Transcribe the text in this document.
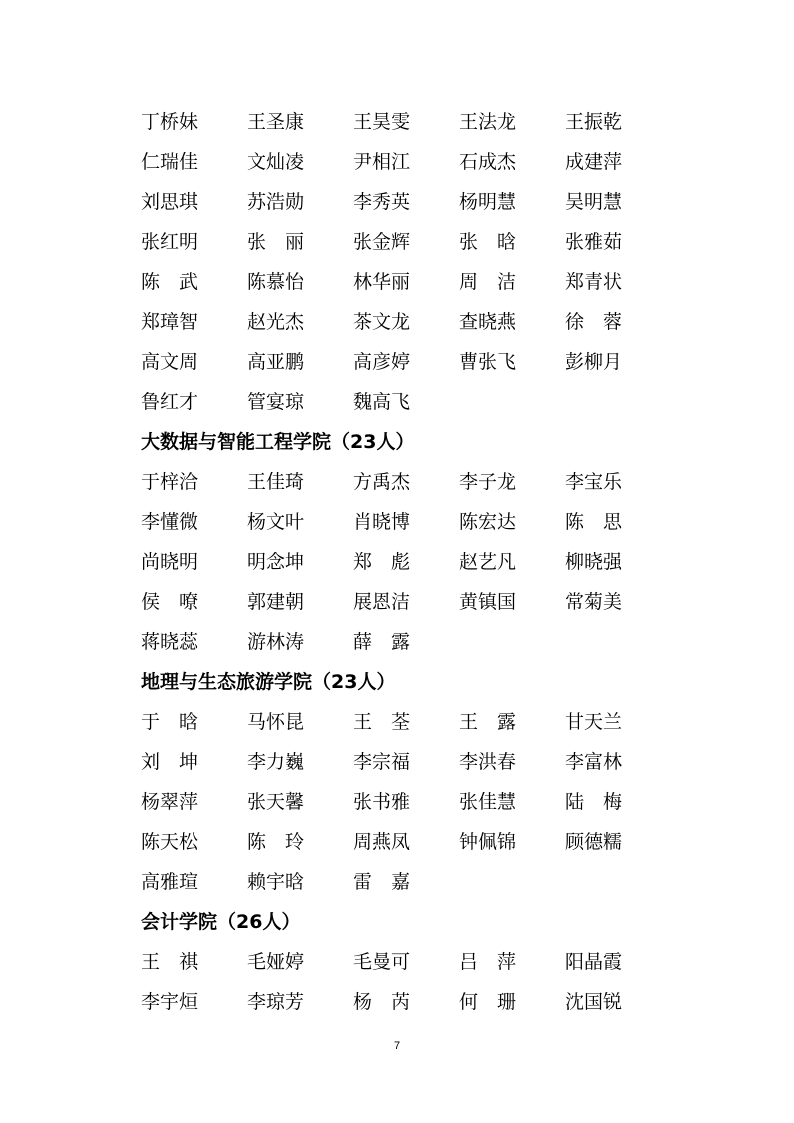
丁桥妹	王圣康	王昊雯	王法龙	王振乾
仁瑞佳	文灿凌	尹相江	石成杰	成建萍
刘思琪	苏浩勋	李秀英	杨明慧	吴明慧
张红明	张　丽	张金辉	张　晗	张雅茹
陈　武	陈慕怡	林华丽	周　洁	郑青状
郑璋智	赵光杰	茶文龙	查晓燕	徐　蓉
高文周	高亚鹏	高彦婷	曹张飞	彭柳月
鲁红才	管宴琼	魏高飞
大数据与智能工程学院（23人）
于梓洽	王佳琦	方禹杰	李子龙	李宝乐
李懂微	杨文叶	肖晓博	陈宏达	陈　思
尚晓明	明念坤	郑　彪	赵艺凡	柳晓强
侯　嘹	郭建朝	展恩洁	黄镇国	常菊美
蒋晓蕊	游林涛	薛　露
地理与生态旅游学院（23人）
于　晗	马怀昆	王　荃	王　露	甘天兰
刘　坤	李力巍	李宗福	李洪春	李富林
杨翠萍	张天馨	张书雅	张佳慧	陆　梅
陈天松	陈　玲	周燕凤	钟佩锦	顾德糯
高雅瑄	赖宇晗	雷　嘉
会计学院（26人）
王　祺	毛娅婷	毛曼可	吕　萍	阳晶霞
李宇烜	李琼芳	杨　芮	何　珊	沈国锐
7
